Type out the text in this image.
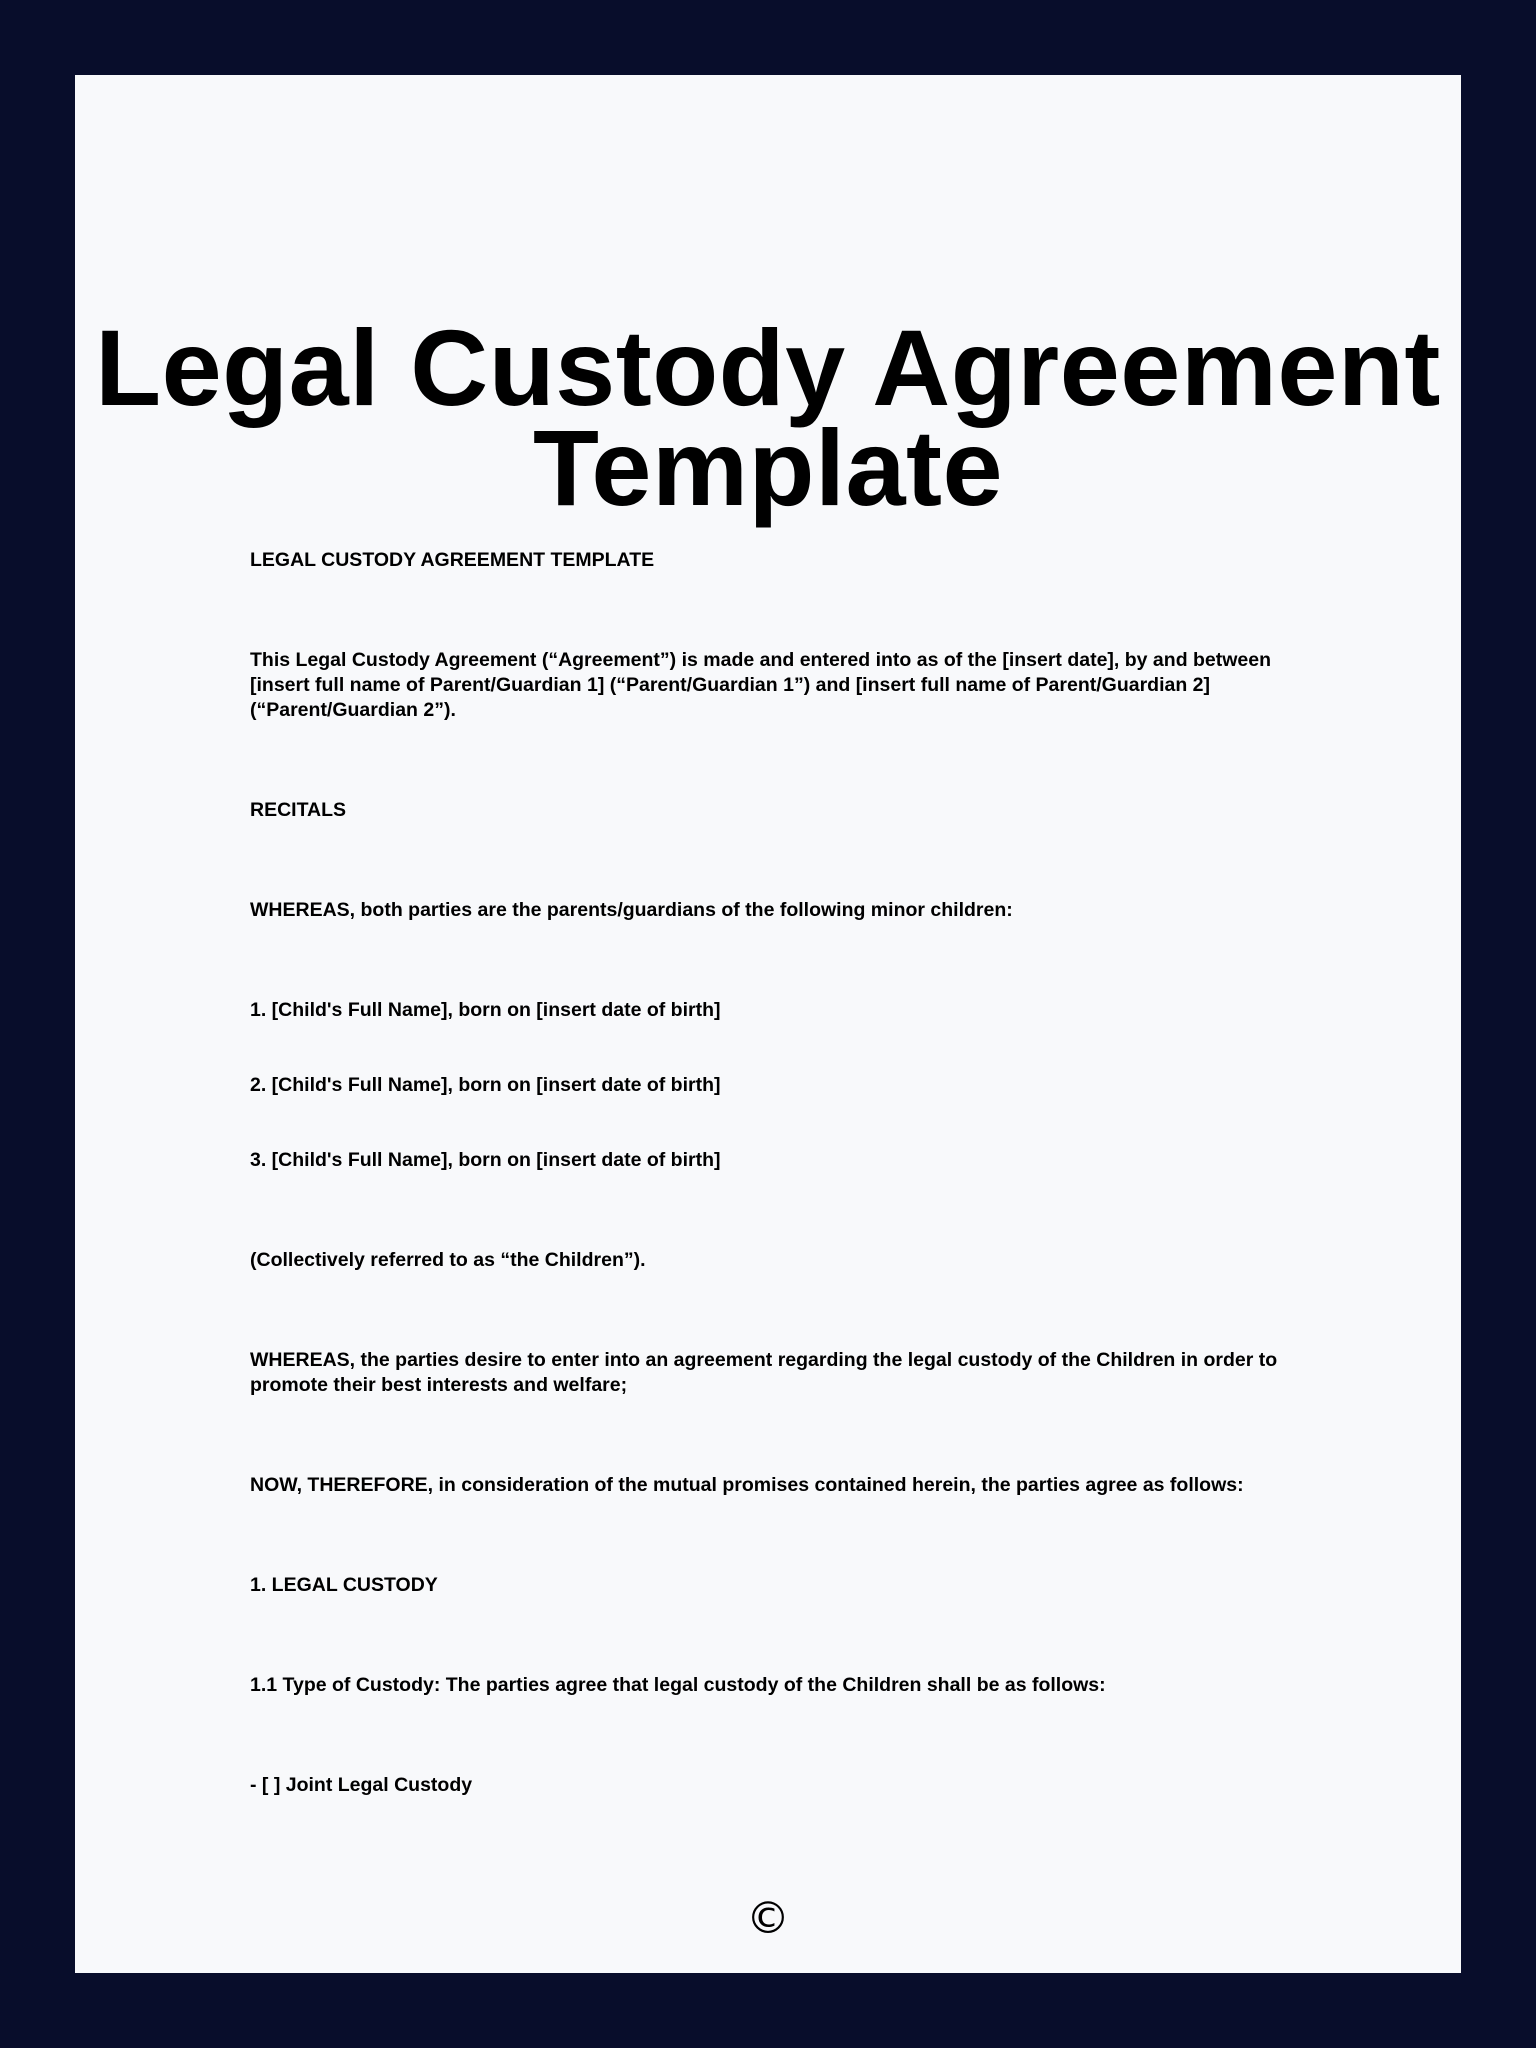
Legal Custody Agreement
Template

LEGAL CUSTODY AGREEMENT TEMPLATE

This Legal Custody Agreement (“Agreement”) is made and entered into as of the [insert date], by and between [insert full name of Parent/Guardian 1] (“Parent/Guardian 1”) and [insert full name of Parent/Guardian 2] (“Parent/Guardian 2”).

RECITALS

WHEREAS, both parties are the parents/guardians of the following minor children:

1. [Child's Full Name], born on [insert date of birth]

2. [Child's Full Name], born on [insert date of birth]

3. [Child's Full Name], born on [insert date of birth]

(Collectively referred to as “the Children”).

WHEREAS, the parties desire to enter into an agreement regarding the legal custody of the Children in order to promote their best interests and welfare;

NOW, THEREFORE, in consideration of the mutual promises contained herein, the parties agree as follows:

1. LEGAL CUSTODY

1.1 Type of Custody: The parties agree that legal custody of the Children shall be as follows:

- [ ] Joint Legal Custody

©
